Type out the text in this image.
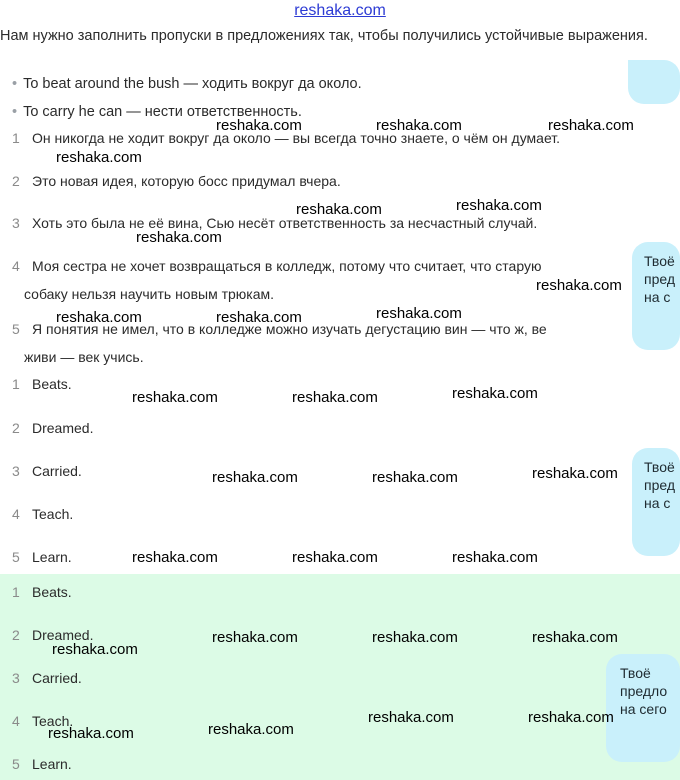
reshaka.com
Нам нужно заполнить пропуски в предложениях так, чтобы получились устойчивые выражения.
• To beat around the bush — ходить вокруг да около.
• To carry he can — нести ответственность.
1 Он никогда не ходит вокруг да около — вы всегда точно знаете, о чём он думает.
2 Это новая идея, которую босс придумал вчера.
3 Хоть это была не её вина, Сью несёт ответственность за несчастный случай.
4 Моя сестра не хочет возвращаться в колледж, потому что считает, что старую
собаку нельзя научить новым трюкам.
5 Я понятия не имел, что в колледже можно изучать дегустацию вин — что ж, ве
живи — век учись.
1 Beats.
2 Dreamed.
3 Carried.
4 Teach.
5 Learn.
1 Beats.
2 Dreamed.
3 Carried.
4 Teach.
5 Learn.
Твоё
пред
на с
Твоё
пред
на с
Твоё
предло
на сего
reshaka.com	reshaka.com	reshaka.com
reshaka.com
reshaka.com	reshaka.com
reshaka.com
reshaka.com
reshaka.com	reshaka.com	reshaka.com
reshaka.com	reshaka.com	reshaka.com
reshaka.com	reshaka.com	reshaka.com
reshaka.com	reshaka.com	reshaka.com
reshaka.com	reshaka.com	reshaka.com
reshaka.com
reshaka.com	reshaka.com
reshaka.com
reshaka.com
